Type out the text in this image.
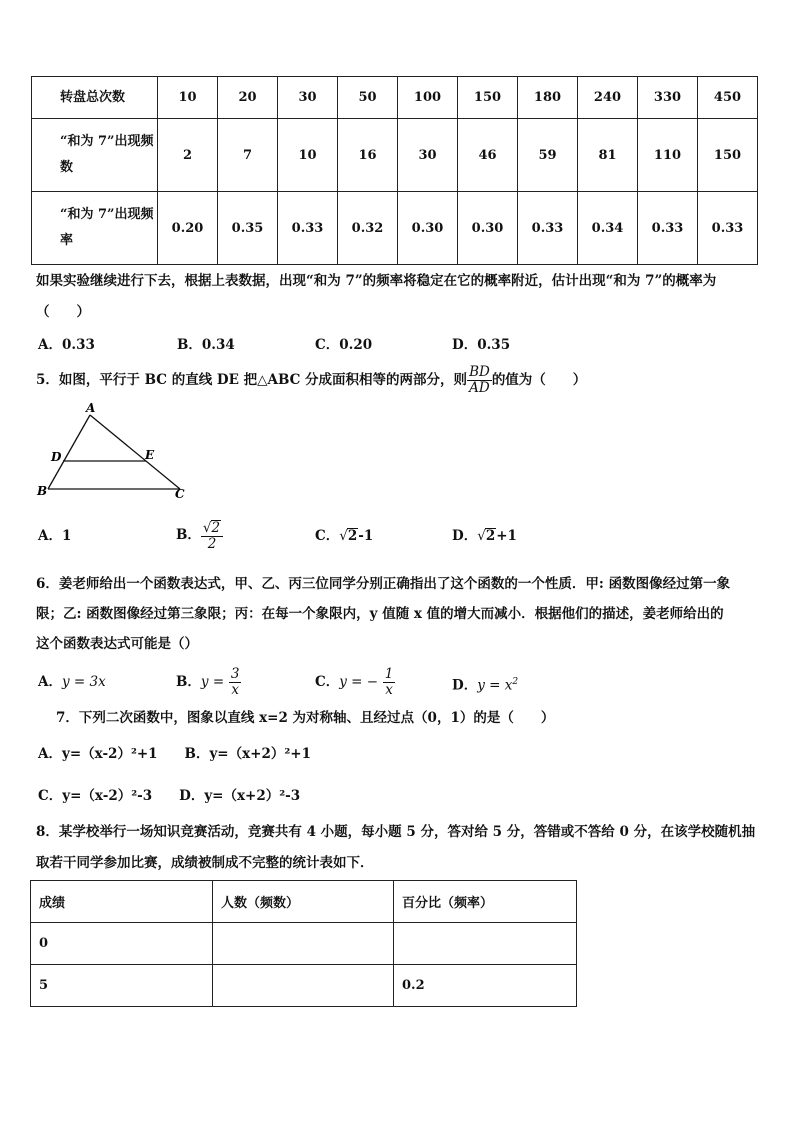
转盘总次数	10	20	30	50	100	150	180	240	330	450

“和为 7”出现频
数	2	7	10	16	30	46	59	81	110	150

“和为 7”出现频
率	0.20	0.35	0.33	0.32	0.30	0.30	0.33	0.34	0.33	0.33
如果实验继续进行下去，根据上表数据，出现“和为 7”的频率将稳定在它的概率附近，估计出现“和为 7”的概率为
（　　）
A．0.33	B．0.34	C．0.20	D．0.35
5．如图，平行于 BC 的直线 DE 把△ABC 分成面积相等的两部分，则 $\frac{BD}{AD}$ 的值为（　　）
A
D	E
B	C
A．1	B． $\frac{√2}{2}$	C．√2-1	D．√2+1
6．姜老师给出一个函数表达式，甲、乙、丙三位同学分别正确指出了这个函数的一个性质．甲: 函数图像经过第一象
限；乙: 函数图像经过第三象限；丙：在每一个象限内，y 值随 x 值的增大而减小．根据他们的描述，姜老师给出的
这个函数表达式可能是（）
A．y = 3x	B．$y = \frac{3}{x}$	C．y = − $\frac{1}{x}$	D．$y = x^2$
7．下列二次函数中，图象以直线 x=2 为对称轴、且经过点（0，1）的是（　　）
A．y=（x-2）²+1　　B．y=（x+2）²+1
C．y=（x-2）²-3　　D．y=（x+2）²-3
8．某学校举行一场知识竞赛活动，竞赛共有 4 小题，每小题 5 分，答对给 5 分，答错或不答给 0 分，在该学校随机抽
取若干同学参加比赛，成绩被制成不完整的统计表如下．
成绩	人数（频数）	百分比（频率）
0		
5		0.2
